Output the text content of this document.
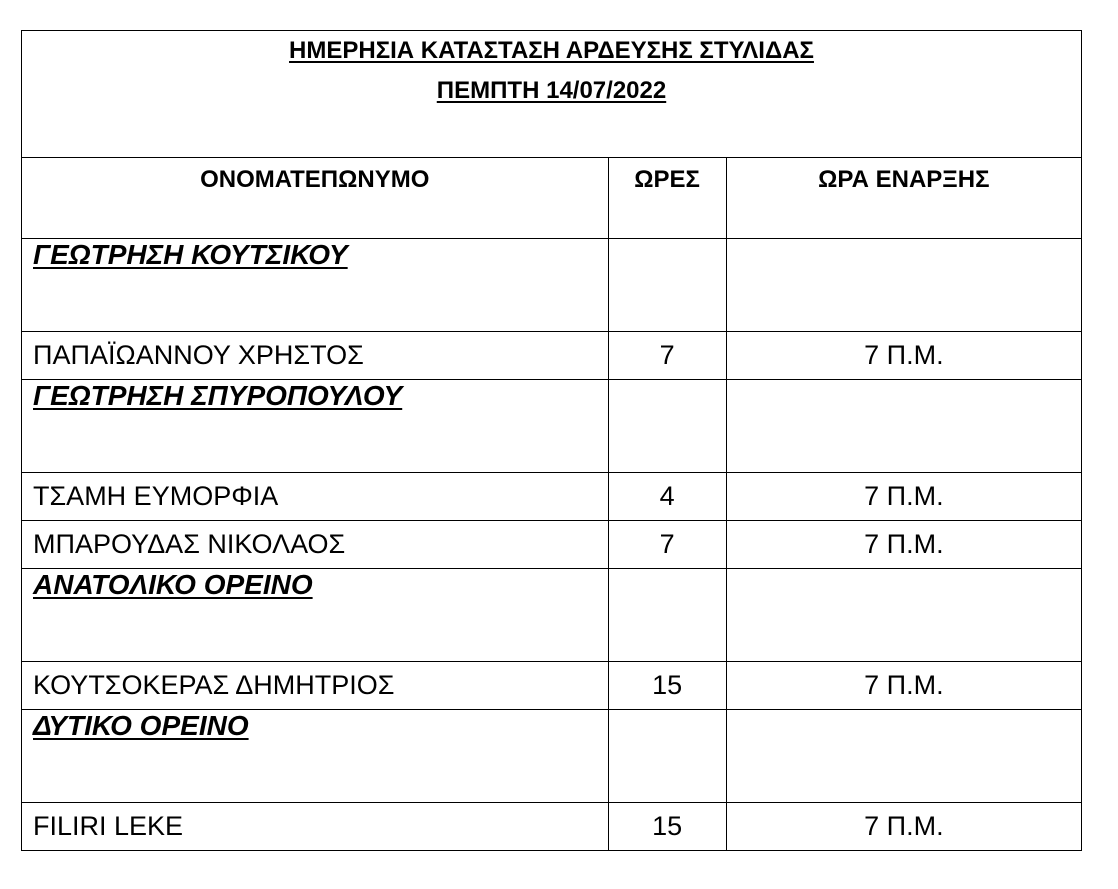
ΗΜΕΡΗΣΙΑ ΚΑΤΑΣΤΑΣΗ ΑΡΔΕΥΣΗΣ ΣΤΥΛΙΔΑΣ
ΠΕΜΠΤΗ 14/07/2022		

ΟΝΟΜΑΤΕΠΩΝΥΜΟ	ΩΡΕΣ	ΩΡΑ ΕΝΑΡΞΗΣ
ΓΕΩΤΡΗΣΗ ΚΟΥΤΣΙΚΟΥ		
ΠΑΠΑΪΩΑΝΝΟΥ ΧΡΗΣΤΟΣ	7	7 Π.Μ.
ΓΕΩΤΡΗΣΗ ΣΠΥΡΟΠΟΥΛΟΥ		
ΤΣΑΜΗ ΕΥΜΟΡΦΙΑ	4	7 Π.Μ.
ΜΠΑΡΟΥΔΑΣ ΝΙΚΟΛΑΟΣ	7	7 Π.Μ.
ΑΝΑΤΟΛΙΚΟ ΟΡΕΙΝΟ		
ΚΟΥΤΣΟΚΕΡΑΣ ΔΗΜΗΤΡΙΟΣ	15	7 Π.Μ.
ΔΥΤΙΚΟ ΟΡΕΙΝΟ		
FILIRI LEKE	15	7 Π.Μ.
